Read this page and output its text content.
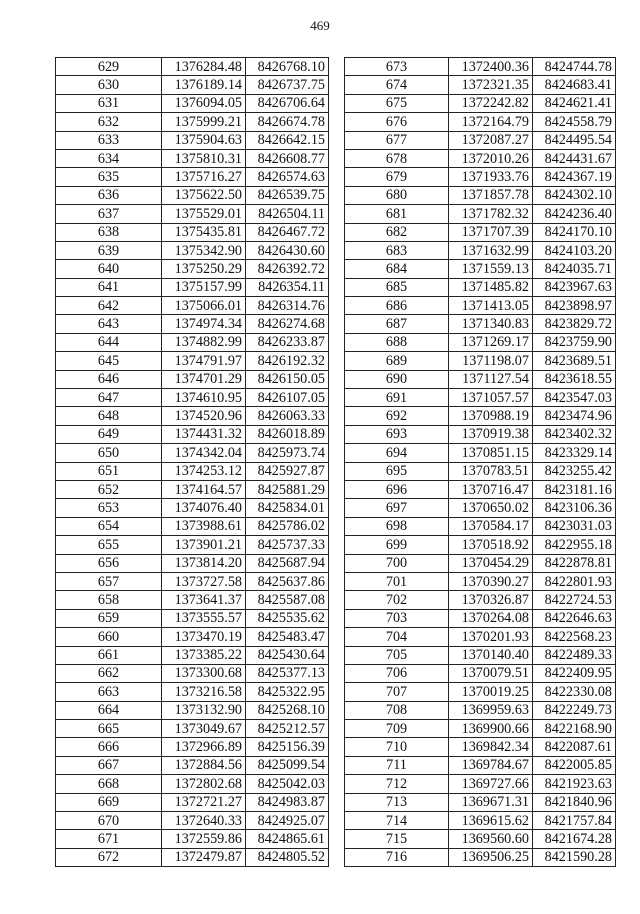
469
629	1376284.48	8426768.10
630	1376189.14	8426737.75
631	1376094.05	8426706.64
632	1375999.21	8426674.78
633	1375904.63	8426642.15
634	1375810.31	8426608.77
635	1375716.27	8426574.63
636	1375622.50	8426539.75
637	1375529.01	8426504.11
638	1375435.81	8426467.72
639	1375342.90	8426430.60
640	1375250.29	8426392.72
641	1375157.99	8426354.11
642	1375066.01	8426314.76
643	1374974.34	8426274.68
644	1374882.99	8426233.87
645	1374791.97	8426192.32
646	1374701.29	8426150.05
647	1374610.95	8426107.05
648	1374520.96	8426063.33
649	1374431.32	8426018.89
650	1374342.04	8425973.74
651	1374253.12	8425927.87
652	1374164.57	8425881.29
653	1374076.40	8425834.01
654	1373988.61	8425786.02
655	1373901.21	8425737.33
656	1373814.20	8425687.94
657	1373727.58	8425637.86
658	1373641.37	8425587.08
659	1373555.57	8425535.62
660	1373470.19	8425483.47
661	1373385.22	8425430.64
662	1373300.68	8425377.13
663	1373216.58	8425322.95
664	1373132.90	8425268.10
665	1373049.67	8425212.57
666	1372966.89	8425156.39
667	1372884.56	8425099.54
668	1372802.68	8425042.03
669	1372721.27	8424983.87
670	1372640.33	8424925.07
671	1372559.86	8424865.61
672	1372479.87	8424805.52
673	1372400.36	8424744.78
674	1372321.35	8424683.41
675	1372242.82	8424621.41
676	1372164.79	8424558.79
677	1372087.27	8424495.54
678	1372010.26	8424431.67
679	1371933.76	8424367.19
680	1371857.78	8424302.10
681	1371782.32	8424236.40
682	1371707.39	8424170.10
683	1371632.99	8424103.20
684	1371559.13	8424035.71
685	1371485.82	8423967.63
686	1371413.05	8423898.97
687	1371340.83	8423829.72
688	1371269.17	8423759.90
689	1371198.07	8423689.51
690	1371127.54	8423618.55
691	1371057.57	8423547.03
692	1370988.19	8423474.96
693	1370919.38	8423402.32
694	1370851.15	8423329.14
695	1370783.51	8423255.42
696	1370716.47	8423181.16
697	1370650.02	8423106.36
698	1370584.17	8423031.03
699	1370518.92	8422955.18
700	1370454.29	8422878.81
701	1370390.27	8422801.93
702	1370326.87	8422724.53
703	1370264.08	8422646.63
704	1370201.93	8422568.23
705	1370140.40	8422489.33
706	1370079.51	8422409.95
707	1370019.25	8422330.08
708	1369959.63	8422249.73
709	1369900.66	8422168.90
710	1369842.34	8422087.61
711	1369784.67	8422005.85
712	1369727.66	8421923.63
713	1369671.31	8421840.96
714	1369615.62	8421757.84
715	1369560.60	8421674.28
716	1369506.25	8421590.28
